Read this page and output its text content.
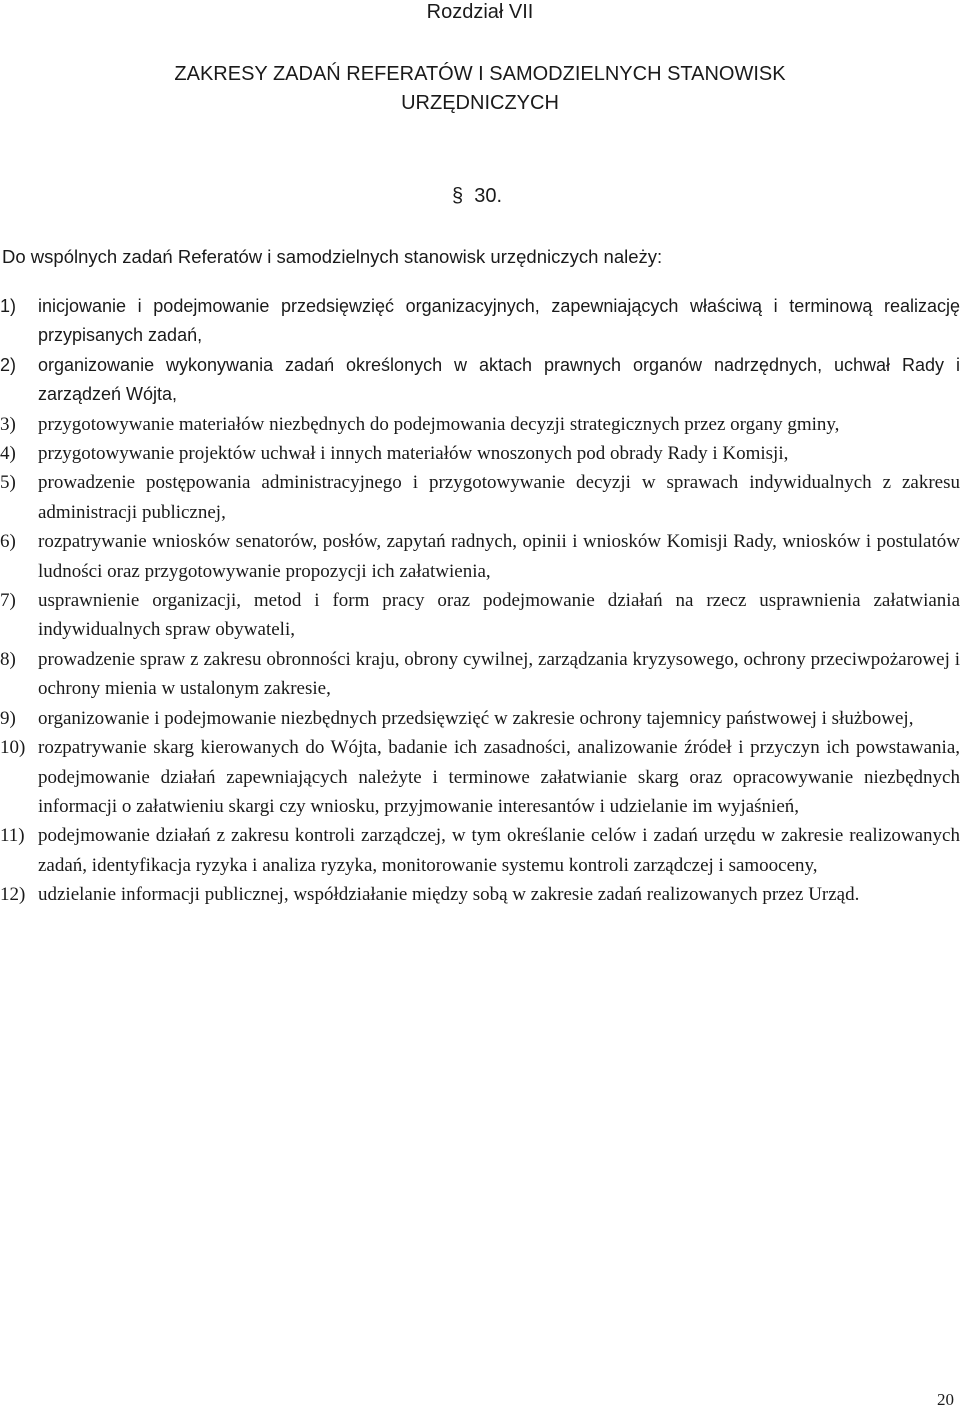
Rozdział VII
ZAKRESY ZADAŃ REFERATÓW I SAMODZIELNYCH STANOWISK
URZĘDNICZYCH
§  30.
Do wspólnych zadań Referatów i samodzielnych stanowisk urzędniczych należy:
1)	inicjowanie i podejmowanie przedsięwzięć organizacyjnych, zapewniających właściwą i terminową realizację przypisanych zadań,
2)	organizowanie wykonywania zadań określonych w aktach prawnych organów nadrzędnych, uchwał Rady i zarządzeń Wójta,
3)	przygotowywanie materiałów niezbędnych do podejmowania decyzji strategicznych przez organy gminy,
4)	przygotowywanie projektów uchwał i innych materiałów wnoszonych pod obrady Rady i Komisji,
5)	prowadzenie postępowania administracyjnego i przygotowywanie decyzji w sprawach indywidualnych z zakresu administracji publicznej,
6)	rozpatrywanie wniosków senatorów, posłów, zapytań radnych, opinii i wniosków Komisji Rady, wniosków i postulatów ludności oraz przygotowywanie propozycji ich załatwienia,
7)	usprawnienie organizacji, metod i form pracy oraz podejmowanie działań na rzecz usprawnienia załatwiania indywidualnych spraw obywateli,
8)	prowadzenie spraw z zakresu obronności kraju, obrony cywilnej, zarządzania kryzysowego, ochrony przeciwpożarowej i ochrony mienia w ustalonym zakresie,
9)	organizowanie i podejmowanie niezbędnych przedsięwzięć w zakresie ochrony tajemnicy państwowej i służbowej,
10) rozpatrywanie skarg kierowanych do Wójta, badanie ich zasadności, analizowanie źródeł i przyczyn ich powstawania, podejmowanie działań zapewniających należyte i terminowe załatwianie skarg oraz opracowywanie niezbędnych informacji o załatwieniu skargi czy wniosku, przyjmowanie interesantów i udzielanie im wyjaśnień,
11) podejmowanie działań z zakresu kontroli zarządczej, w tym określanie celów i zadań urzędu w zakresie realizowanych zadań, identyfikacja ryzyka i analiza ryzyka, monitorowanie systemu kontroli zarządczej i samooceny,
12) udzielanie informacji publicznej, współdziałanie między sobą w zakresie zadań realizowanych przez Urząd.
20
